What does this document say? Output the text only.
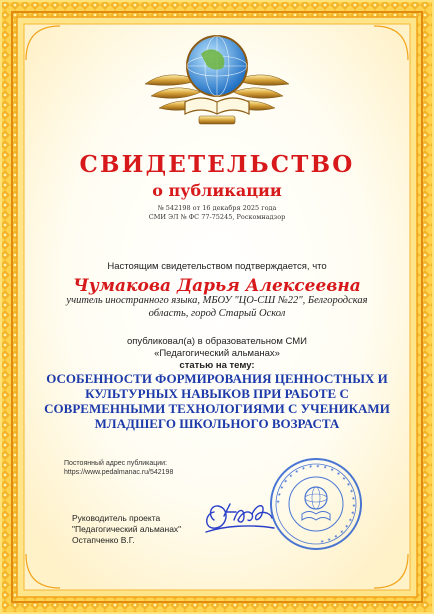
СВИДЕТЕЛЬСТВО
о публикации
№ 542198 от 16 декабря 2025 года
СМИ ЭЛ № ФС 77-75245, Роскомнадзор
Настоящим свидетельством подтверждается, что
Чумакова Дарья Алексеевна
учитель иностранного языка, МБОУ "ЦО-СШ №22", Белгородская
область, город Старый Оскол
опубликовал(а) в образовательном СМИ
«Педагогический альманах»
статью на тему:
ОСОБЕННОСТИ ФОРМИРОВАНИЯ ЦЕННОСТНЫХ И
КУЛЬТУРНЫХ НАВЫКОВ ПРИ РАБОТЕ С
СОВРЕМЕННЫМИ ТЕХНОЛОГИЯМИ С УЧЕНИКАМИ
МЛАДШЕГО ШКОЛЬНОГО ВОЗРАСТА
Постоянный адрес публикации:
https://www.pedalmanac.ru/542198
Руководитель проекта
"Педагогический альманах"
Остапченко В.Г.
✶ ✶ ✶ ✶ ✶ ✶ ✶ ✶ ✶ ✶ ✶ ✶ ✶ ✶ ✶ ✶ ✶ ✶ ✶ ✶ ✶ ✶ ✶ ✶
